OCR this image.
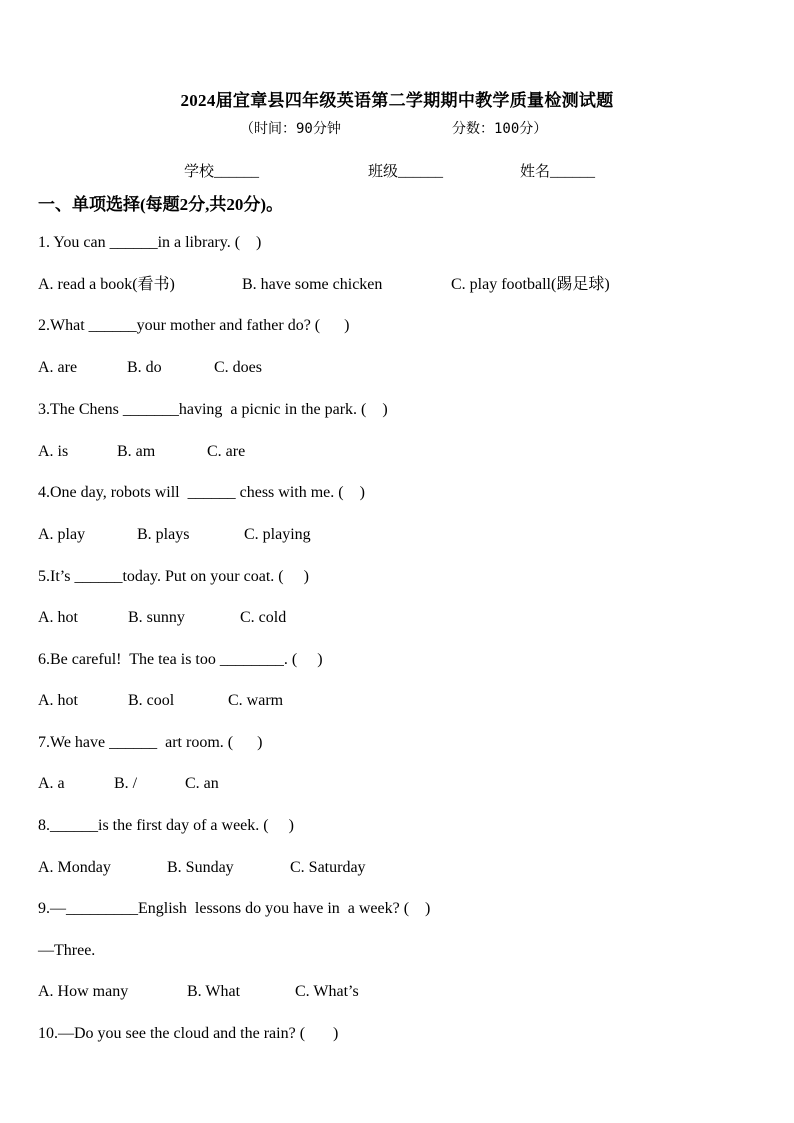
2024届宜章县四年级英语第二学期期中教学质量检测试题
（时间：90分钟	分数：100分）
学校______	班级______	姓名______
一、单项选择(每题2分,共20分)。
1. You can ______in a library. (    )
A. read a book(看书)	B. have some chicken	C. play football(踢足球)
2.What ______your mother and father do? (      )
A. are	B. do	C. does
3.The Chens _______having  a picnic in the park. (    )
A. is	B. am	C. are
4.One day, robots will  ______ chess with me. (    )
A. play	B. plays	C. playing
5.It’s ______today. Put on your coat. (     )
A. hot	B. sunny	C. cold
6.Be careful!  The tea is too ________. (     )
A. hot	B. cool	C. warm
7.We have ______  art room. (      )
A. a	B. /	C. an
8.______is the first day of a week. (     )
A. Monday	B. Sunday	C. Saturday
9.—_________English  lessons do you have in  a week? (    )
—Three.
A. How many	B. What	C. What’s
10.—Do you see the cloud and the rain? (       )
